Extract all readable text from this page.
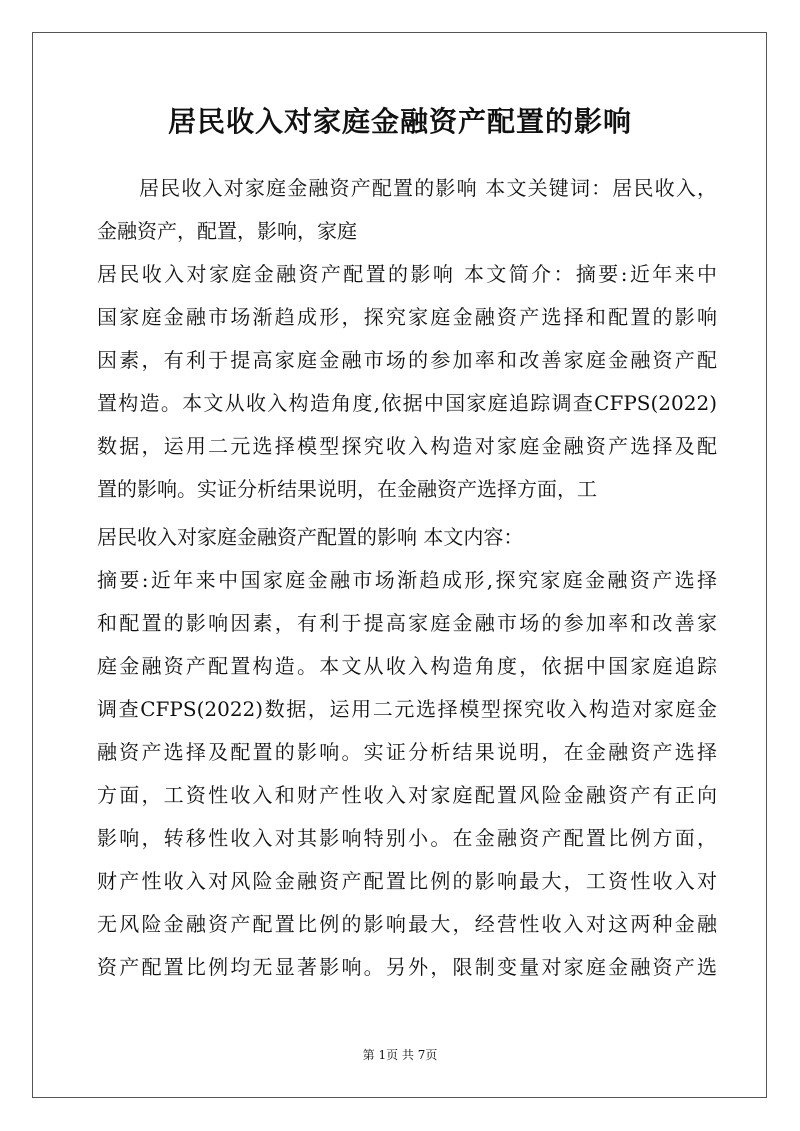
居民收入对家庭金融资产配置的影响
居民收入对家庭金融资产配置的影响 本文关键词：居民收入，
金融资产，配置，影响，家庭
居民收入对家庭金融资产配置的影响 本文简介：摘要:近年来中
国家庭金融市场渐趋成形，探究家庭金融资产选择和配置的影响
因素，有利于提高家庭金融市场的参加率和改善家庭金融资产配
置构造。本文从收入构造角度,依据中国家庭追踪调查CFPS(2022)
数据，运用二元选择模型探究收入构造对家庭金融资产选择及配
置的影响。实证分析结果说明，在金融资产选择方面，工
居民收入对家庭金融资产配置的影响 本文内容：
摘要:近年来中国家庭金融市场渐趋成形,探究家庭金融资产选择
和配置的影响因素，有利于提高家庭金融市场的参加率和改善家
庭金融资产配置构造。本文从收入构造角度，依据中国家庭追踪
调查CFPS(2022)数据，运用二元选择模型探究收入构造对家庭金
融资产选择及配置的影响。实证分析结果说明，在金融资产选择
方面，工资性收入和财产性收入对家庭配置风险金融资产有正向
影响，转移性收入对其影响特别小。在金融资产配置比例方面，
财产性收入对风险金融资产配置比例的影响最大，工资性收入对
无风险金融资产配置比例的影响最大，经营性收入对这两种金融
资产配置比例均无显著影响。另外，限制变量对家庭金融资产选
第 1页 共 7页
